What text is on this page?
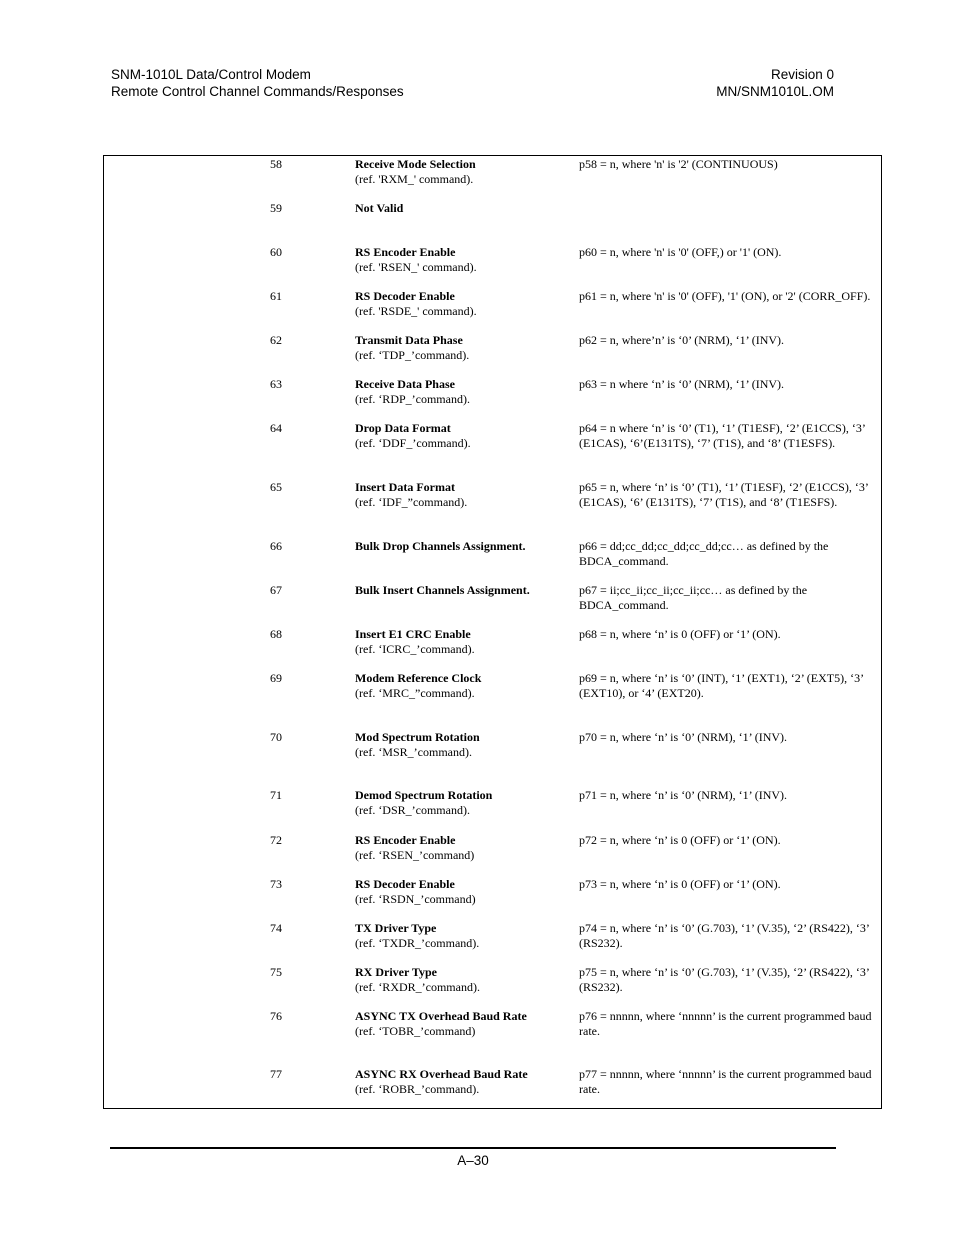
SNM-1010L Data/Control Modem
Remote Control Channel Commands/Responses
Revision 0
MN/SNM1010L.OM
58	Receive Mode Selection
(ref. 'RXM_' command).
p58 = n, where 'n' is '2' (CONTINUOUS)
59	Not Valid
60	RS Encoder Enable
(ref. 'RSEN_' command).
p60 = n, where 'n' is '0' (OFF,) or '1' (ON).
61	RS Decoder Enable
(ref. 'RSDE_' command).
p61 = n, where 'n' is '0' (OFF), '1' (ON), or '2' (CORR_OFF).
62	Transmit Data Phase
(ref. ‘TDP_’command).
p62 = n, where’n’ is ‘0’ (NRM), ‘1’ (INV).
63	Receive Data Phase
(ref. ‘RDP_’command).
p63 = n where ‘n’ is ‘0’ (NRM), ‘1’ (INV).
64	Drop Data Format
(ref. ‘DDF_’command).
p64 = n where ‘n’ is ‘0’ (T1), ‘1’ (T1ESF), ‘2’ (E1CCS), ‘3’ (E1CAS), ‘6’(E131TS), ‘7’ (T1S), and ‘8’ (T1ESFS).
65	Insert Data Format
(ref. ‘IDF_”command).
p65 = n, where ‘n’ is ‘0’ (T1), ‘1’ (T1ESF), ‘2’ (E1CCS), ‘3’ (E1CAS), ‘6’ (E131TS), ‘7’ (T1S), and ‘8’ (T1ESFS).
66	Bulk Drop Channels Assignment.	p66 = dd;cc_dd;cc_dd;cc_dd;cc… as defined by the BDCA_command.
67	Bulk Insert Channels Assignment.	p67 = ii;cc_ii;cc_ii;cc_ii;cc… as defined by the BDCA_command.
68	Insert E1 CRC Enable
(ref. ‘ICRC_’command).
p68 = n, where ‘n’ is 0 (OFF) or ‘1’ (ON).
69	Modem Reference Clock
(ref. ‘MRC_”command).
p69 = n, where ‘n’ is ‘0’ (INT), ‘1’ (EXT1), ‘2’ (EXT5), ‘3’ (EXT10), or ‘4’ (EXT20).
70	Mod Spectrum Rotation
(ref. ‘MSR_’command).
p70 = n, where ‘n’ is ‘0’ (NRM), ‘1’ (INV).
71	Demod Spectrum Rotation
(ref. ‘DSR_’command).
p71 = n, where ‘n’ is ‘0’ (NRM), ‘1’ (INV).
72	RS Encoder Enable
(ref. ‘RSEN_’command)
p72 = n, where ‘n’ is 0 (OFF) or ‘1’ (ON).
73	RS Decoder Enable
(ref. ‘RSDN_’command)
p73 = n, where ‘n’ is 0 (OFF) or ‘1’ (ON).
74	TX Driver Type
(ref. ‘TXDR_’command).
p74 = n, where ‘n’ is ‘0’ (G.703), ‘1’ (V.35), ‘2’ (RS422), ‘3’ (RS232).
75	RX Driver Type
(ref. ‘RXDR_’command).
p75 = n, where ‘n’ is ‘0’ (G.703), ‘1’ (V.35), ‘2’ (RS422), ‘3’ (RS232).
76	ASYNC TX Overhead Baud Rate
(ref. ‘TOBR_’command)
p76 = nnnnn, where ‘nnnnn’ is the current programmed baud rate.
77	ASYNC RX Overhead Baud Rate
(ref. ‘ROBR_’command).
p77 = nnnnn, where ‘nnnnn’ is the current programmed baud rate.
A–30
